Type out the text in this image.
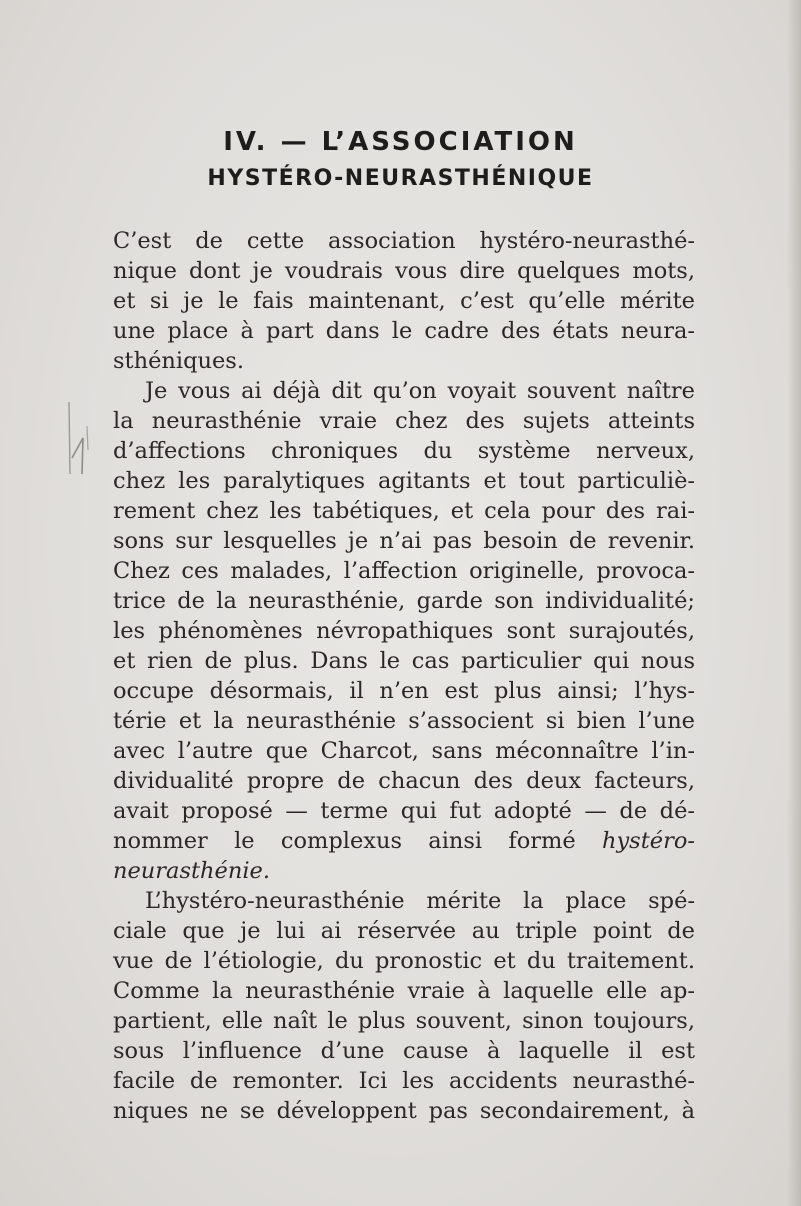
IV. — L’ASSOCIATION
HYSTÉRO-NEURASTHÉNIQUE

C’est de cette association hystéro-neurasthé-

nique dont je voudrais vous dire quelques mots,

et si je le fais maintenant, c’est qu’elle mérite

une place à part dans le cadre des états neura-

sthéniques.

Je vous ai déjà dit qu’on voyait souvent naître

la neurasthénie vraie chez des sujets atteints

d’affections chroniques du système nerveux,

chez les paralytiques agitants et tout particuliè-

rement chez les tabétiques, et cela pour des rai-

sons sur lesquelles je n’ai pas besoin de revenir.

Chez ces malades, l’affection originelle, provoca-

trice de la neurasthénie, garde son individualité;

les phénomènes névropathiques sont surajoutés,

et rien de plus. Dans le cas particulier qui nous

occupe désormais, il n’en est plus ainsi; l’hys-

térie et la neurasthénie s’associent si bien l’une

avec l’autre que Charcot, sans méconnaître l’in-

dividualité propre de chacun des deux facteurs,

avait proposé — terme qui fut adopté — de dé-

nommer le complexus ainsi formé hystéro-

neurasthénie.

L’hystéro-neurasthénie mérite la place spé-

ciale que je lui ai réservée au triple point de

vue de l’étiologie, du pronostic et du traitement.

Comme la neurasthénie vraie à laquelle elle ap-

partient, elle naît le plus souvent, sinon toujours,

sous l’influence d’une cause à laquelle il est

facile de remonter. Ici les accidents neurasthé-

niques ne se développent pas secondairement, à
